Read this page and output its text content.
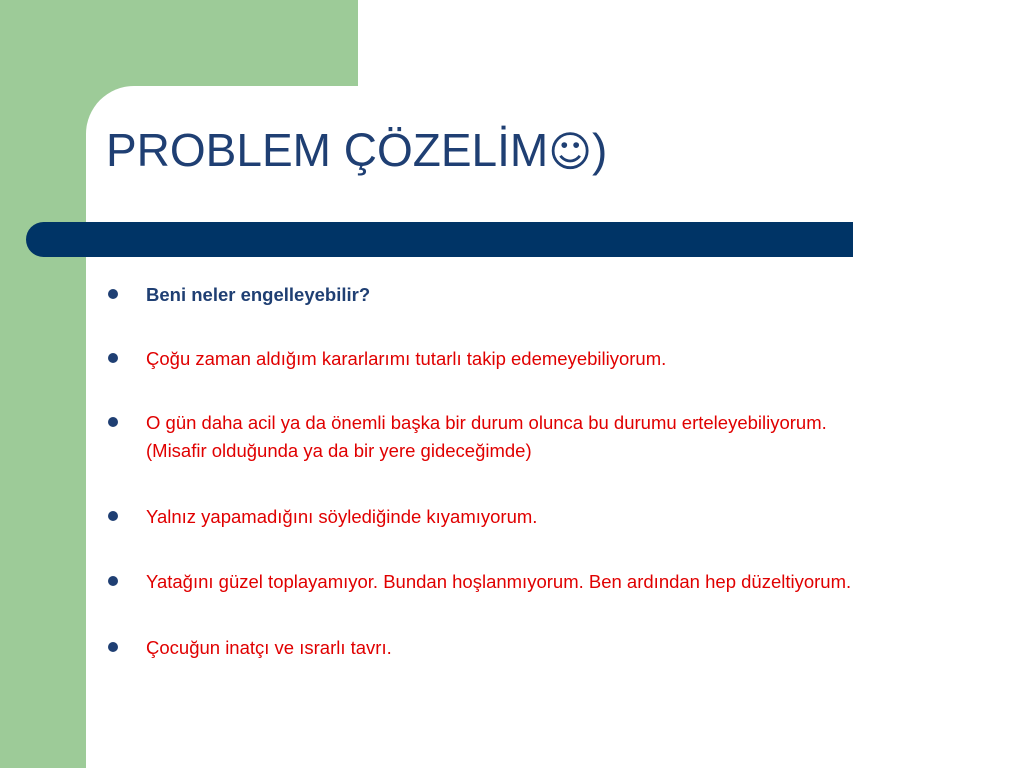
PROBLEM ÇÖZELİM☺)
Beni neler engelleyebilir?
Çoğu zaman aldığım kararlarımı tutarlı takip edemeyebiliyorum.
O gün daha acil ya da önemli başka bir durum olunca bu durumu erteleyebiliyorum.
(Misafir olduğunda ya da bir yere gideceğimde)
Yalnız yapamadığını söylediğinde kıyamıyorum.
Yatağını güzel toplayamıyor. Bundan hoşlanmıyorum. Ben ardından hep düzeltiyorum.
Çocuğun inatçı ve ısrarlı tavrı.
